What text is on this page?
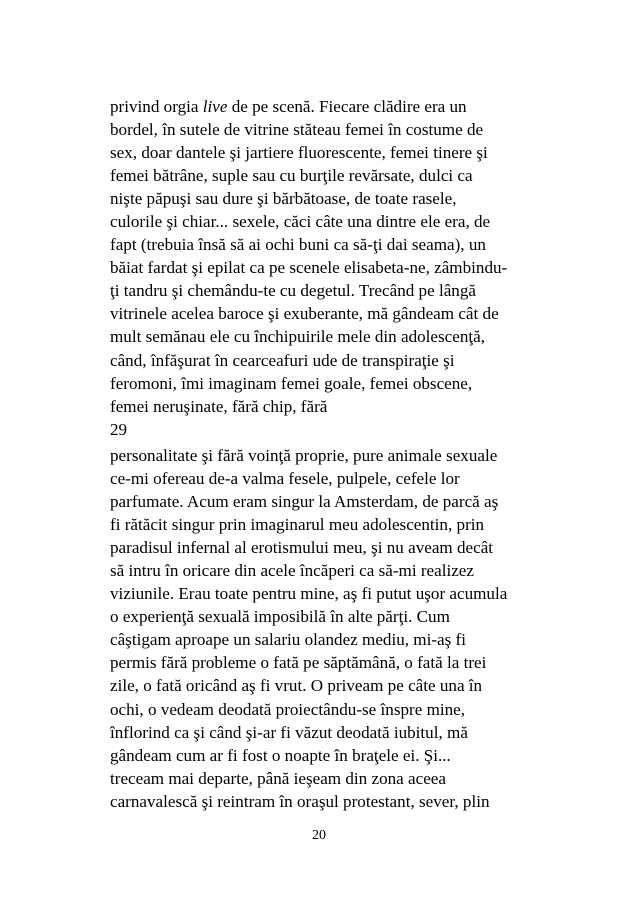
privind orgia live de pe scenă. Fiecare clădire era un
bordel, în sutele de vitrine stăteau femei în costume de
sex, doar dantele şi jartiere fluorescente, femei tinere şi
femei bătrâne, suple sau cu burţile revărsate, dulci ca
nişte păpuşi sau dure şi bărbătoase, de toate rasele,
culorile şi chiar... sexele, căci câte una dintre ele era, de
fapt (trebuia însă să ai ochi buni ca să-ţi dai seama), un
băiat fardat şi epilat ca pe scenele elisabeta-ne, zâmbindu-
ţi tandru şi chemându-te cu degetul. Trecând pe lângă
vitrinele acelea baroce şi exuberante, mă gândeam cât de
mult semănau ele cu închipuirile mele din adolescenţă,
când, înfăşurat în cearceafuri ude de transpiraţie şi
feromoni, îmi imaginam femei goale, femei obscene,
femei neruşinate, fără chip, fără
29
personalitate şi fără voinţă proprie, pure animale sexuale
ce-mi ofereau de-a valma fesele, pulpele, cefele lor
parfumate. Acum eram singur la Amsterdam, de parcă aş
fi rătăcit singur prin imaginarul meu adolescentin, prin
paradisul infernal al erotismului meu, şi nu aveam decât
să intru în oricare din acele încăperi ca să-mi realizez
viziunile. Erau toate pentru mine, aş fi putut uşor acumula
o experienţă sexuală imposibilă în alte părţi. Cum
câştigam aproape un salariu olandez mediu, mi-aş fi
permis fără probleme o fată pe săptămână, o fată la trei
zile, o fată oricând aş fi vrut. O priveam pe câte una în
ochi, o vedeam deodată proiectându-se înspre mine,
înflorind ca şi când şi-ar fi văzut deodată iubitul, mă
gândeam cum ar fi fost o noapte în braţele ei. Şi...
treceam mai departe, până ieşeam din zona aceea
carnavalescă şi reintram în oraşul protestant, sever, plin
20
